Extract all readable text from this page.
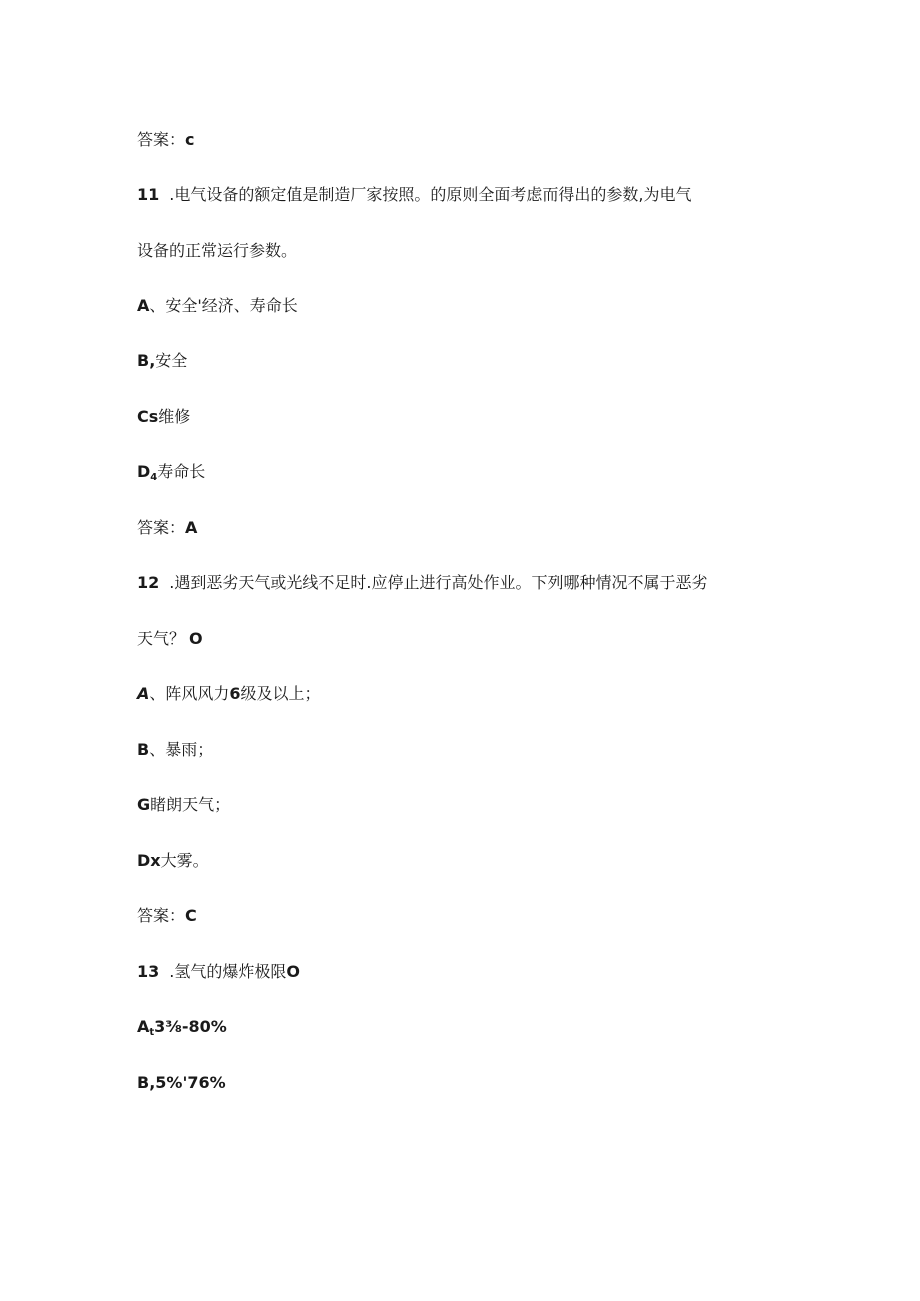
答案：c
11 .电气设备的额定值是制造厂家按照。的原则全面考虑而得出的参数,为电气
设备的正常运行参数。
A、安全'经济、寿命长
B,安全
Cs维修
$D_4$寿命长
答案：A
12 .遇到恶劣天气或光线不足时.应停止进行高处作业。下列哪种情况不属于恶劣
天气？ O
A、阵风风力6级及以上；
B、暴雨；
G睹朗天气；
Dx大雾。
答案：C
13 .氢气的爆炸极限O
$A_t3\frac{3}{8}-80\%$
B,5%'76%
